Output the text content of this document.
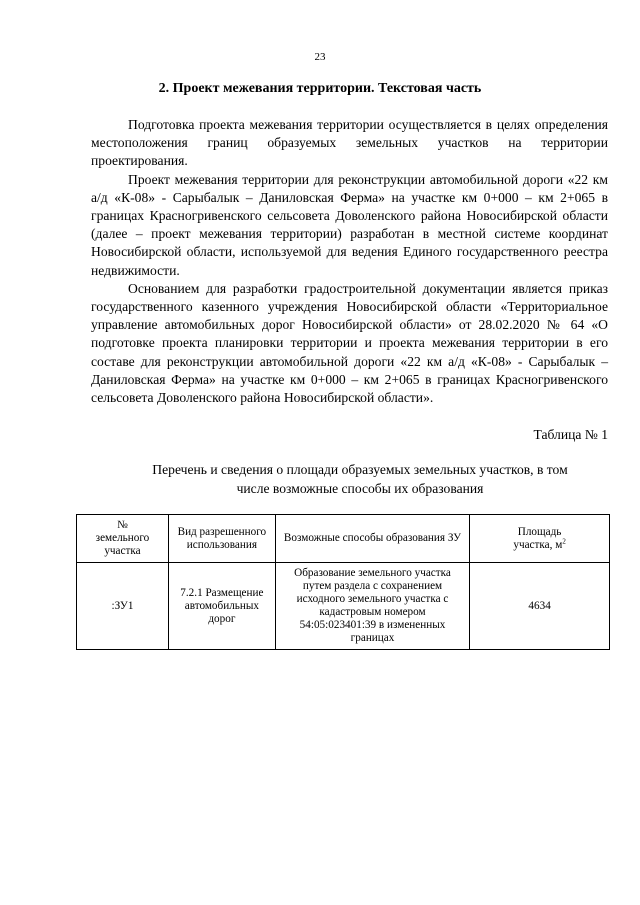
23
2. Проект межевания территории. Текстовая часть

Подготовка проекта межевания территории осуществляется в целях определения местоположения границ образуемых земельных участков на территории проектирования.

Проект межевания территории для реконструкции автомобильной дороги «22 км а/д «К-08» - Сарыбалык – Даниловская Ферма» на участке км 0+000 – км 2+065 в границах Красногривенского сельсовета Доволенского района Новосибирской области (далее – проект межевания территории) разработан в местной системе координат Новосибирской области, используемой для ведения Единого государственного реестра недвижимости.

Основанием для разработки градостроительной документации является приказ государственного казенного учреждения Новосибирской области «Территориальное управление автомобильных дорог Новосибирской области» от 28.02.2020 № 64 «О подготовке проекта планировки территории и проекта межевания территории в его составе для реконструкции автомобильной дороги «22 км а/д «К-08» - Сарыбалык – Даниловская Ферма» на участке км 0+000 – км 2+065 в границах Красногривенского сельсовета Доволенского района Новосибирской области».

Таблица № 1
Перечень и сведения о площади образуемых земельных участков, в том
числе возможные способы их образования
№ земельного участка	Вид разрешенного использования	Возможные способы образования ЗУ	Площадь участка, $м^2$

:ЗУ1	7.2.1 Размещение автомобильных дорог	Образование земельного участка путем раздела с сохранением исходного земельного участка с кадастровым номером 54:05:023401:39 в измененных границах	4634
